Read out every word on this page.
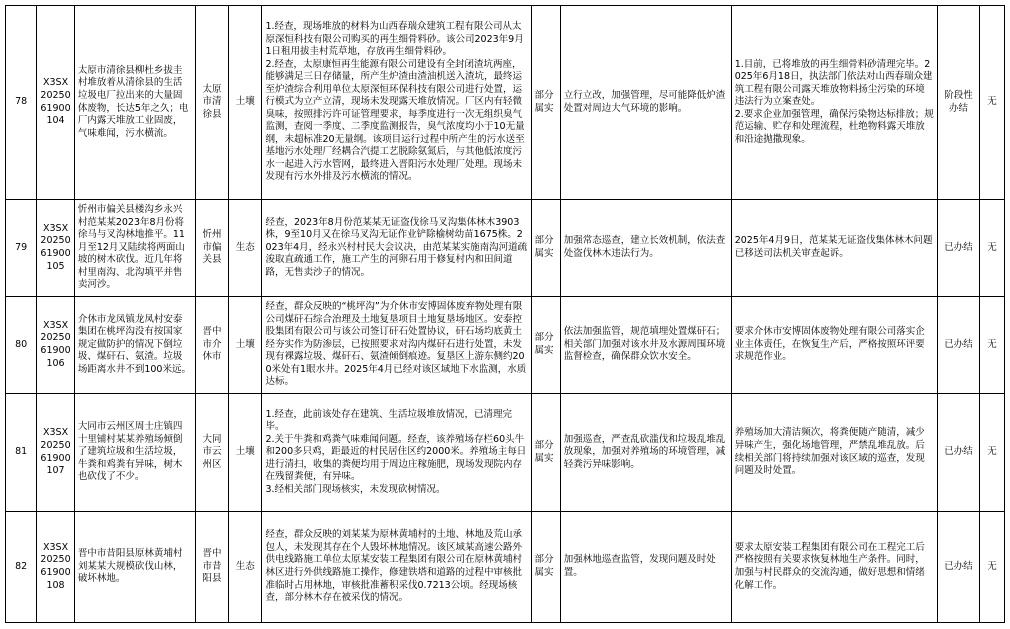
78	X3SX2025061900104	太原市清徐县柳杜乡拔圭村堆放着从清徐县的生活垃圾电厂拉出来的大量固体废物，长达5年之久；电厂内露天堆放工业固废，气味难闻，污水横流。	太原市清徐县	土壤	1.经查，现场堆放的材料为山西春瑞众建筑工程有限公司从太原深恒科技有限公司购买的再生细骨料砂。该公司2023年9月1日租用拔圭村荒草地，存放再生细骨料砂。
2.经查，太原康恒再生能源有限公司建设有全封闭渣坑两座，能够满足三日存储量，所产生炉渣由渣油机送入渣坑，最终运至炉渣综合利用单位太原深恒环保科技有限公司进行处置，运行模式为立产立清，现场未发现露天堆放情况。厂区内有轻微臭味，按照排污许可证管理要求，每季度进行一次无组织臭气监测，查阅一季度、二季度监测报告，臭气浓度均小于10无量纲，未超标准20无量纲。该项目运行过程中所产生的污水送至基地污水处理厂经耦合汽提工艺脱除氨氮后，与其他低浓度污水一起进入污水管网，最终进入晋阳污水处理厂处理。现场未发现有污水外排及污水横流的情况。	部分属实	立行立改，加强管理，尽可能降低炉渣处置对周边大气环境的影响。	1.目前，已将堆放的再生细骨料砂清理完毕。2025年6月18日，执法部门依法对山西春瑞众建筑工程有限公司露天堆放物料扬尘污染的环境违法行为立案查处。
2.要求企业加强管理，确保污染物达标排放；规范运输、贮存和处理流程，杜绝物料露天堆放和沿途抛撒现象。	阶段性办结	无
79	X3SX2025061900105	忻州市偏关县楼沟乡永兴村范某某2023年8月份将徐马与叉沟林地推平。11月至12月又陆续将两面山坡的树木砍伐。近几年将村里南沟、北沟填平并售卖河沙。	忻州市偏关县	生态	经查，2023年8月份范某某无证盗伐徐马叉沟集体林木3903株，9至10月又在徐马叉沟无证作业铲除榆树幼苗1675株。2023年4月，经永兴村村民大会议决，由范某某实施南沟河道疏浚取直疏通工作，施工产生的河卵石用于修复村内和田间道路，无售卖沙子的情况。	部分属实	加强常态巡查，建立长效机制，依法查处盗伐林木违法行为。	2025年4月9日，范某某无证盗伐集体林木问题已移送司法机关审查起诉。	已办结	无
80	X3SX2025061900106	介休市龙凤镇龙凤村安泰集团在桃坪沟没有按国家规定做防护的情况下倒垃圾、煤矸石、氨渣。垃圾场距离水井不到100米远。	晋中市介休市	土壤	经查，群众反映的“桃坪沟”为介休市安博固体废弃物处理有限公司煤矸石综合治理及土地复垦项目土地复垦场地区。安泰控股集团有限公司与该公司签订矸石处置协议，矸石场均底黄土经夯实作为防渗层，已按照要求对沟内煤矸石进行处置，未发现有裸露垃圾、煤矸石、氨渣倾倒痕迹。复垦区上游东侧约200米处有1眼水井。2025年4月已经对该区域地下水监测，水质达标。	部分属实	依法加强监管，规范填埋处置煤矸石；相关部门加强对该水井及水源周围环境监督检查，确保群众饮水安全。	要求介休市安博固体废物处理有限公司落实企业主体责任，在恢复生产后，严格按照环评要求规范作业。	已办结	无
81	X3SX2025061900107	大同市云州区周士庄镇四十里铺村某某养殖场倾倒了建筑垃圾和生活垃圾，牛粪和鸡粪有异味，树木也砍伐了不少。	大同市云州区	土壤	1.经查，此前该处存在建筑、生活垃圾堆放情况，已清理完毕。
2.关于牛粪和鸡粪气味难闻问题。经查，该养殖场存栏60头牛和200多只鸡，距最近的村民居住区约2000米。养殖场主每日进行清扫，收集的粪便均用于周边庄稼施肥，现场发现院内存在残留粪便，有异味。
3.经相关部门现场核实，未发现砍树情况。	部分属实	加强巡查，严查乱砍滥伐和垃圾乱堆乱放现象，加强对养殖场的环境管理，减轻粪污异味影响。	养殖场加大清洁频次，将粪便随产随清，减少异味产生，强化场地管理，严禁乱堆乱放。后续相关部门将持续加强对该区域的巡查，发现问题及时处置。	已办结	无
82	X3SX2025061900108	晋中市昔阳县原林黄埔村刘某某大规模砍伐山林，破坏林地。	晋中市昔阳县	生态	经查，群众反映的刘某某为原林黄埔村的土地、林地及荒山承包人，未发现其存在个人毁坏林地情况。该区域某高速公路外供电线路施工单位太原某安装工程集团有限公司在原林黄埔村林区进行外供线路施工操作，修建铁塔和道路的过程中审核批准临时占用林地，审核批准蓄积采伐0.7213公顷。经现场核查，部分林木存在被采伐的情况。	部分属实	加强林地巡查监管，发现问题及时处置。	要求太原安装工程集团有限公司在工程完工后严格按照有关要求恢复林地生产条件。同时，加强与村民群众的交流沟通，做好思想和情绪化解工作。	已办结	无
